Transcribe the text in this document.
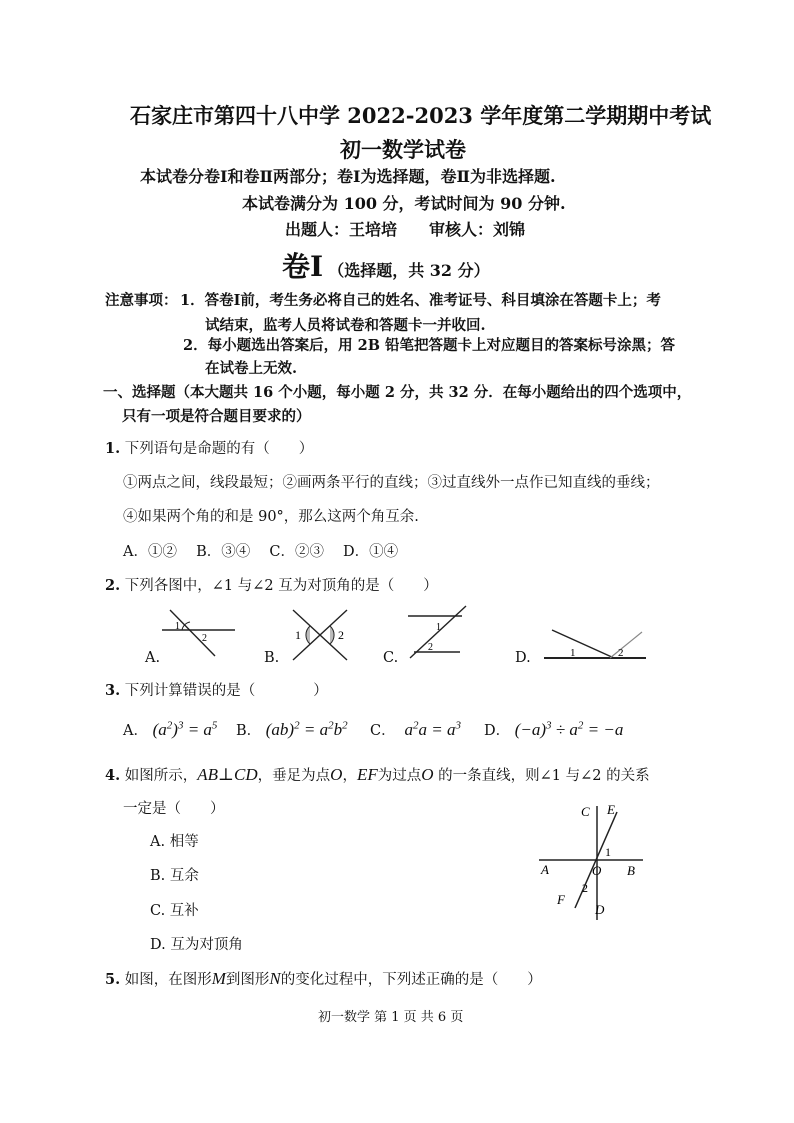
石家庄市第四十八中学 2022-2023 学年度第二学期期中考试
初一数学试卷
本试卷分卷Ⅰ和卷Ⅱ两部分；卷Ⅰ为选择题，卷Ⅱ为非选择题.
本试卷满分为 100 分，考试时间为 90 分钟.
出题人：王培培　　审核人：刘锦
卷Ⅰ （选择题，共 32 分）
注意事项： 1．答卷Ⅰ前，考生务必将自己的姓名、准考证号、科目填涂在答题卡上；考
试结束，监考人员将试卷和答题卡一并收回.
2．每小题选出答案后，用 2B 铅笔把答题卡上对应题目的答案标号涂黑；答
在试卷上无效.
一、选择题（本大题共 16 个小题，每小题 2 分，共 32 分．在每小题给出的四个选项中，
只有一项是符合题目要求的）
1. 下列语句是命题的有（　　）
①两点之间，线段最短；②画两条平行的直线；③过直线外一点作已知直线的垂线；
④如果两个角的和是 90°，那么这两个角互余.
A．①②　 B．③④　 C．②③　 D．①④
2. 下列各图中，∠1 与∠2 互为对顶角的是（　　）
A.
1
2
B.
1	2
C.
1
2
D.	1	2
3. 下列计算错误的是（　　　　）
A． $(a^2)^3 = a^5$ B． $(ab)^2 = a^2b^2$ C．  $a^2a = a^3$ D． $(-a)^3 \div a^2 = -a$
4. 如图所示，AB⊥CD，垂足为点O，EF为过点O 的一条直线，则∠1 与∠2 的关系
一定是（　　）
A. 相等
B. 互余
C. 互补
D. 互为对顶角
C E
1
A	O B
2
F
D
5. 如图，在图形M到图形N的变化过程中，下列述正确的是（　　）
初一数学 第 1 页 共 6 页
